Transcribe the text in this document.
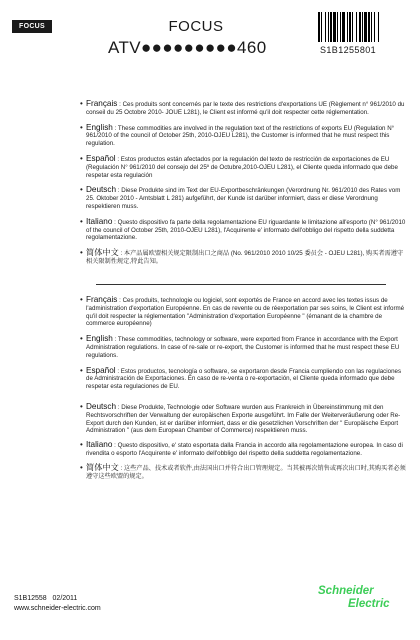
FOCUS	FOCUS
ATV●●●●●●●●●460	S1B1255801

• Français : Ces produits sont concernés par le texte des restrictions d'exportations UE (Règlement n° 961/2010 du conseil du 25 Octobre 2010- JOUE L281), le Client est informé qu'il doit respecter cette réglementation.

• English : These commodities are involved in the regulation text of the restrictions of exports EU (Regulation N° 961/2010 of the council of October 25th, 2010-OJEU L281), the Customer is informed that he must respect this regulation.

• Español : Estos productos están afectados por la regulación del texto de restricción de exportaciones de EU (Regulación N° 961/2010 del consejo del 25º de Octubre,2010-OJEU L281), el Cliente queda informado que debe respetar esta regulación

• Deutsch : Diese Produkte sind im Text der EU-Exportbeschränkungen (Verordnung Nr. 961/2010 des Rates vom 25. Oktober 2010 - Amtsblatt L 281) aufgeführt, der Kunde ist darüber informiert, dass er diese Verordnung respektieren muss.

• Italiano : Questo dispositivo fa parte della regolamentazione EU riguardante le limitazione all'esporto (N° 961/2010 of the council of October 25th, 2010-OJEU L281), l'Acquirente e' informato dell'obbligo del rispetto della suddetta regolamentazione.

• 简体中文 : 本产品属欧盟相关规定限制出口之商品 (No. 961/2010 2010 10/25 委员会 - OJEU L281), 购买者需遵守相关限制性规定,特此告知。

• Français : Ces produits, technologie ou logiciel, sont exportés de France en accord avec les textes issus de l'administration d'exportation Européenne. En cas de revente ou de réexportation par ses soins, le Client est informé qu'il doit respecter la réglementation "Administration d'exportation Européenne " (émanant de la chambre de commerce européenne)

• English : These commodities, technology or software, were exported from France in accordance with the Export Administration regulations. In case of re-sale or re-export, the Customer is informed that he must respect these EU regulations.

• Español : Estos productos, tecnología o software, se exportaron desde Francia cumpliendo con las regulaciones de Administración de Exportaciones. En caso de re-venta o re-exportación, el Cliente queda informado que debe respetar esta regulaciones de EU.

• Deutsch : Diese Produkte, Technologie oder Software wurden aus Frankreich in Übereinstimmung mit den Rechtsvorschriften der Verwaltung der europäischen Exporte ausgeführt. Im Falle der Weiterveräußerung oder Re-Export durch den Kunden, ist er darüber informiert, dass er die gesetzlichen Vorschriften der " Europäische Export Administration " (aus dem European Chamber of Commerce) respektieren muss.

• Italiano : Questo dispositivo, e' stato esportata dalla Francia in accordo alla regolamentazione europea. In caso di rivendita o esporto l'Acquirente e' informato dell'obbligo del rispetto della suddetta regolamentazione.

• 简体中文 : 这些产品、技术或者软件,由法国出口并符合出口管理规定。当其被再次销售或再次出口时,其购买者必须遵守这些欧盟的规定。

S1B12558   02/2011
www.schneider-electric.com
Schneider
Electric
